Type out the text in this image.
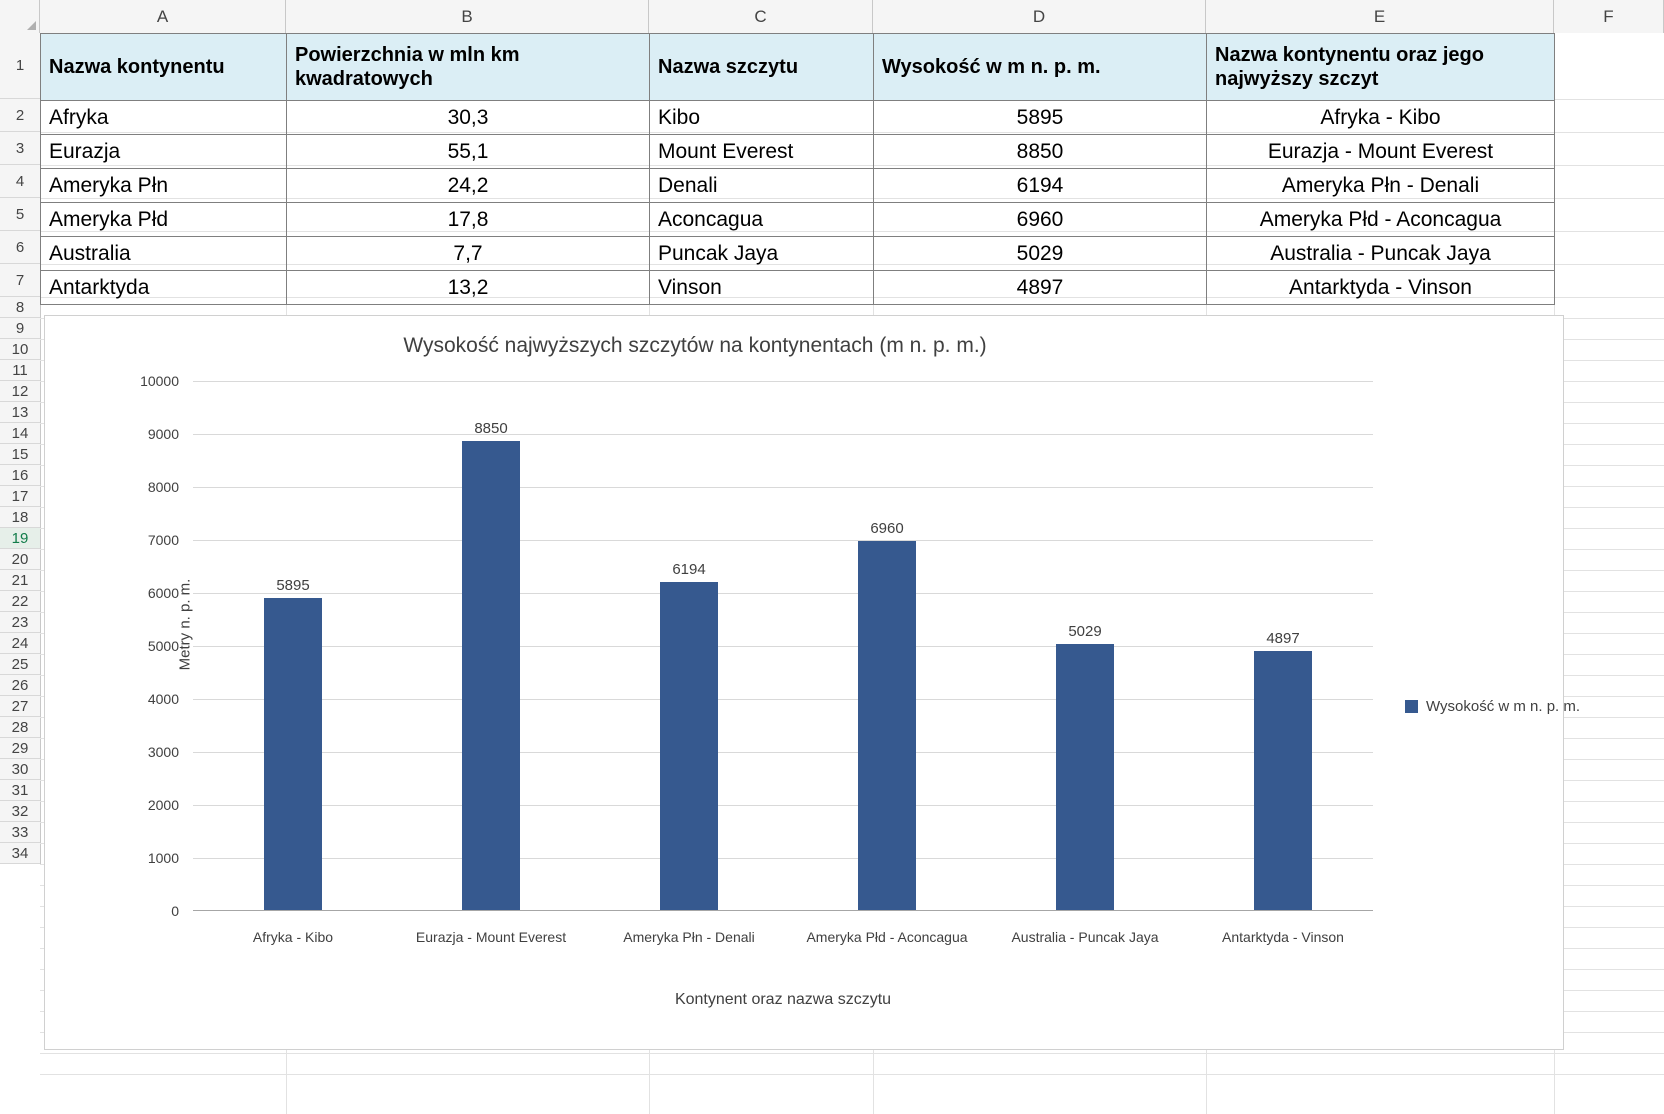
A	B	C	D	E	F
1
2
3
4
5
6
7
8
9
10
11
12
13
14
15
16
17
18
19
20
21
22
23
24
25
26
27
28
29
30
31
32
33
34
Nazwa kontynentu	Powierzchnia w mln km kwadratowych	Nazwa szczytu	Wysokość w m n. p. m.	Nazwa kontynentu oraz jego najwyższy szczyt
Afryka	30,3	Kibo	5895	Afryka - Kibo
Eurazja	55,1	Mount Everest	8850	Eurazja - Mount Everest
Ameryka Płn	24,2	Denali	6194	Ameryka Płn - Denali
Ameryka Płd	17,8	Aconcagua	6960	Ameryka Płd - Aconcagua
Australia	7,7	Puncak Jaya	5029	Australia - Puncak Jaya
Antarktyda	13,2	Vinson	4897	Antarktyda - Vinson
Wysokość najwyższych szczytów na kontynentach (m n. p. m.)
Metry n. p. m.
Kontynent oraz nazwa szczytu
0
1000
2000
3000
4000
5000
6000
7000
8000
9000
10000
5895
8850
6194
6960
5029	4897
Afryka - Kibo	Eurazja - Mount Everest	Ameryka Płn - Denali	Ameryka Płd - Aconcagua	Australia - Puncak Jaya	Antarktyda - Vinson
Wysokość w m n. p. m.
